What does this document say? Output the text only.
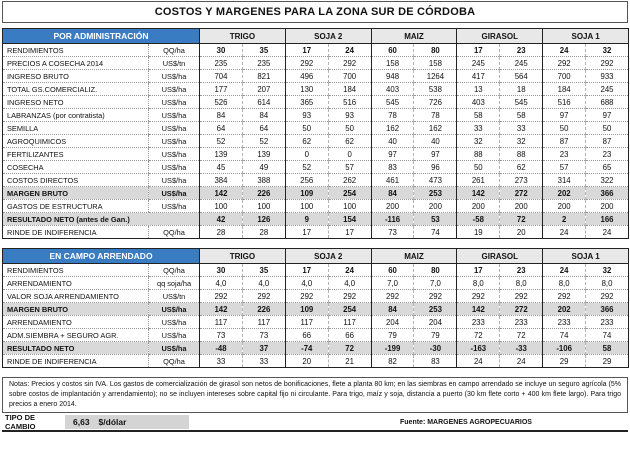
COSTOS Y MARGENES PARA LA ZONA SUR DE CÓRDOBA
POR ADMINISTRACIÓN		TRIGO		SOJA 2		MAIZ		GIRASOL		SOJA 1	
RENDIMIENTOS	QQ/ha	30	35	17	24	60	80	17	23	24	32
PRECIOS A COSECHA 2014	US$/tn	235	235	292	292	158	158	245	245	292	292
INGRESO BRUTO	US$/ha	704	821	496	700	948	1264	417	564	700	933
TOTAL GS.COMERCIALIZ.	US$/ha	177	207	130	184	403	538	13	18	184	245
INGRESO NETO	US$/ha	526	614	365	516	545	726	403	545	516	688
LABRANZAS (por contratista)	US$/ha	84	84	93	93	78	78	58	58	97	97
SEMILLA	US$/ha	64	64	50	50	162	162	33	33	50	50
AGROQUIMICOS	US$/ha	52	52	62	62	40	40	32	32	87	87
FERTILIZANTES	US$/ha	139	139	0	0	97	97	88	88	23	23
COSECHA	US$/ha	45	49	52	57	83	96	50	62	57	65
COSTOS DIRECTOS	US$/ha	384	388	256	262	461	473	261	273	314	322
MARGEN BRUTO	US$/ha	142	226	109	254	84	253	142	272	202	366
GASTOS DE ESTRUCTURA	US$/ha	100	100	100	100	200	200	200	200	200	200
RESULTADO NETO (antes de Gan.)		42	126	9	154	-116	53	-58	72	2	166
RINDE DE INDIFERENCIA	QQ/ha	28	28	17	17	73	74	19	20	24	24
EN CAMPO ARRENDADO		TRIGO		SOJA 2		MAIZ		GIRASOL		SOJA 1	
RENDIMIENTOS	QQ/ha	30	35	17	24	60	80	17	23	24	32
ARRENDAMIENTO	qq soja/ha	4,0	4,0	4,0	4,0	7,0	7,0	8,0	8,0	8,0	8,0
VALOR SOJA ARRENDAMIENTO	US$/tn	292	292	292	292	292	292	292	292	292	292
MARGEN BRUTO	US$/ha	142	226	109	254	84	253	142	272	202	366
ARRENDAMIENTO	US$/ha	117	117	117	117	204	204	233	233	233	233
ADM.SIEMBRA + SEGURO AGR.	US$/ha	73	73	66	66	79	79	72	72	74	74
RESULTADO NETO	US$/ha	-48	37	-74	72	-199	-30	-163	-33	-106	58
RINDE DE INDIFERENCIA	QQ/ha	33	33	20	21	82	83	24	24	29	29
Notas: Precios y costos sin IVA. Los gastos de comercialización de girasol son netos de bonificaciones, flete a planta 80 km; en las siembras en campo arrendado se incluye un seguro agrícola (5% sobre costos de implantación y arrendamiento); no se incluyen intereses sobre capital fijo ni circulante. Para trigo, maíz y soja, distancia a puerto (30 km flete corto + 400 km flete largo). Para trigo precios a enero 2014.
TIPO DE CAMBIO	6,63 $/dólar	Fuente: MARGENES AGROPECUARIOS
